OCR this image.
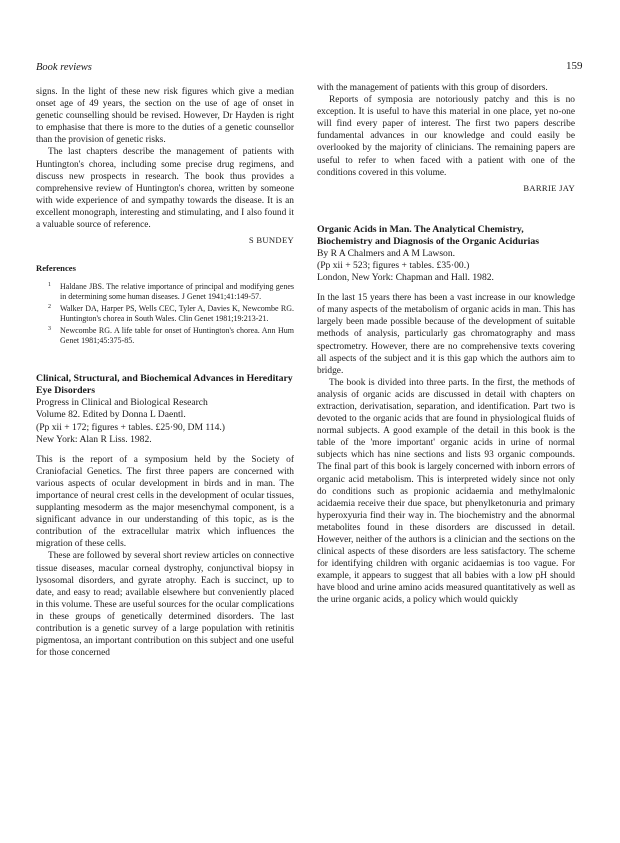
Book reviews	159

signs. In the light of these new risk figures which give a median onset age of 49 years, the section on the use of age of onset in genetic counselling should be revised. However, Dr Hayden is right to emphasise that there is more to the duties of a genetic counsellor than the provision of genetic risks.

The last chapters describe the management of patients with Huntington's chorea, including some precise drug regimens, and discuss new prospects in research. The book thus provides a comprehensive review of Huntington's chorea, written by someone with wide experience of and sympathy towards the disease. It is an excellent monograph, interesting and stimulating, and I also found it a valuable source of reference.

S BUNDEY
References
1 Haldane JBS. The relative importance of principal and modifying genes in determining some human diseases. J Genet 1941;41:149-57.
2 Walker DA, Harper PS, Wells CEC, Tyler A, Davies K, Newcombe RG. Huntington's chorea in South Wales. Clin Genet 1981;19:213-21.
3 Newcombe RG. A life table for onset of Huntington's chorea. Ann Hum Genet 1981;45:375-85.
Clinical, Structural, and Biochemical Advances in Hereditary Eye Disorders
Progress in Clinical and Biological Research
Volume 82. Edited by Donna L Daentl.
(Pp xii + 172; figures + tables. £25·90, DM 114.)
New York: Alan R Liss. 1982.

This is the report of a symposium held by the Society of Craniofacial Genetics. The first three papers are concerned with various aspects of ocular development in birds and in man. The importance of neural crest cells in the development of ocular tissues, supplanting mesoderm as the major mesenchymal component, is a significant advance in our understanding of this topic, as is the contribution of the extracellular matrix which influences the migration of these cells.

These are followed by several short review articles on connective tissue diseases, macular corneal dystrophy, conjunctival biopsy in lysosomal disorders, and gyrate atrophy. Each is succinct, up to date, and easy to read; available elsewhere but conveniently placed in this volume. These are useful sources for the ocular complications in these groups of genetically determined disorders. The last contribution is a genetic survey of a large population with retinitis pigmentosa, an important contribution on this subject and one useful for those concerned

with the management of patients with this group of disorders.

Reports of symposia are notoriously patchy and this is no exception. It is useful to have this material in one place, yet no-one will find every paper of interest. The first two papers describe fundamental advances in our knowledge and could easily be overlooked by the majority of clinicians. The remaining papers are useful to refer to when faced with a patient with one of the conditions covered in this volume.

BARRIE JAY
Organic Acids in Man. The Analytical Chemistry, Biochemistry and Diagnosis of the Organic Acidurias
By R A Chalmers and A M Lawson.
(Pp xii + 523; figures + tables. £35·00.)
London, New York: Chapman and Hall. 1982.

In the last 15 years there has been a vast increase in our knowledge of many aspects of the metabolism of organic acids in man. This has largely been made possible because of the development of suitable methods of analysis, particularly gas chromatography and mass spectrometry. However, there are no comprehensive texts covering all aspects of the subject and it is this gap which the authors aim to bridge.

The book is divided into three parts. In the first, the methods of analysis of organic acids are discussed in detail with chapters on extraction, derivatisation, separation, and identification. Part two is devoted to the organic acids that are found in physiological fluids of normal subjects. A good example of the detail in this book is the table of the 'more important' organic acids in urine of normal subjects which has nine sections and lists 93 organic compounds. The final part of this book is largely concerned with inborn errors of organic acid metabolism. This is interpreted widely since not only do conditions such as propionic acidaemia and methylmalonic acidaemia receive their due space, but phenylketonuria and primary hyperoxyuria find their way in. The biochemistry and the abnormal metabolites found in these disorders are discussed in detail. However, neither of the authors is a clinician and the sections on the clinical aspects of these disorders are less satisfactory. The scheme for identifying children with organic acidaemias is too vague. For example, it appears to suggest that all babies with a low pH should have blood and urine amino acids measured quantitatively as well as the urine organic acids, a policy which would quickly
